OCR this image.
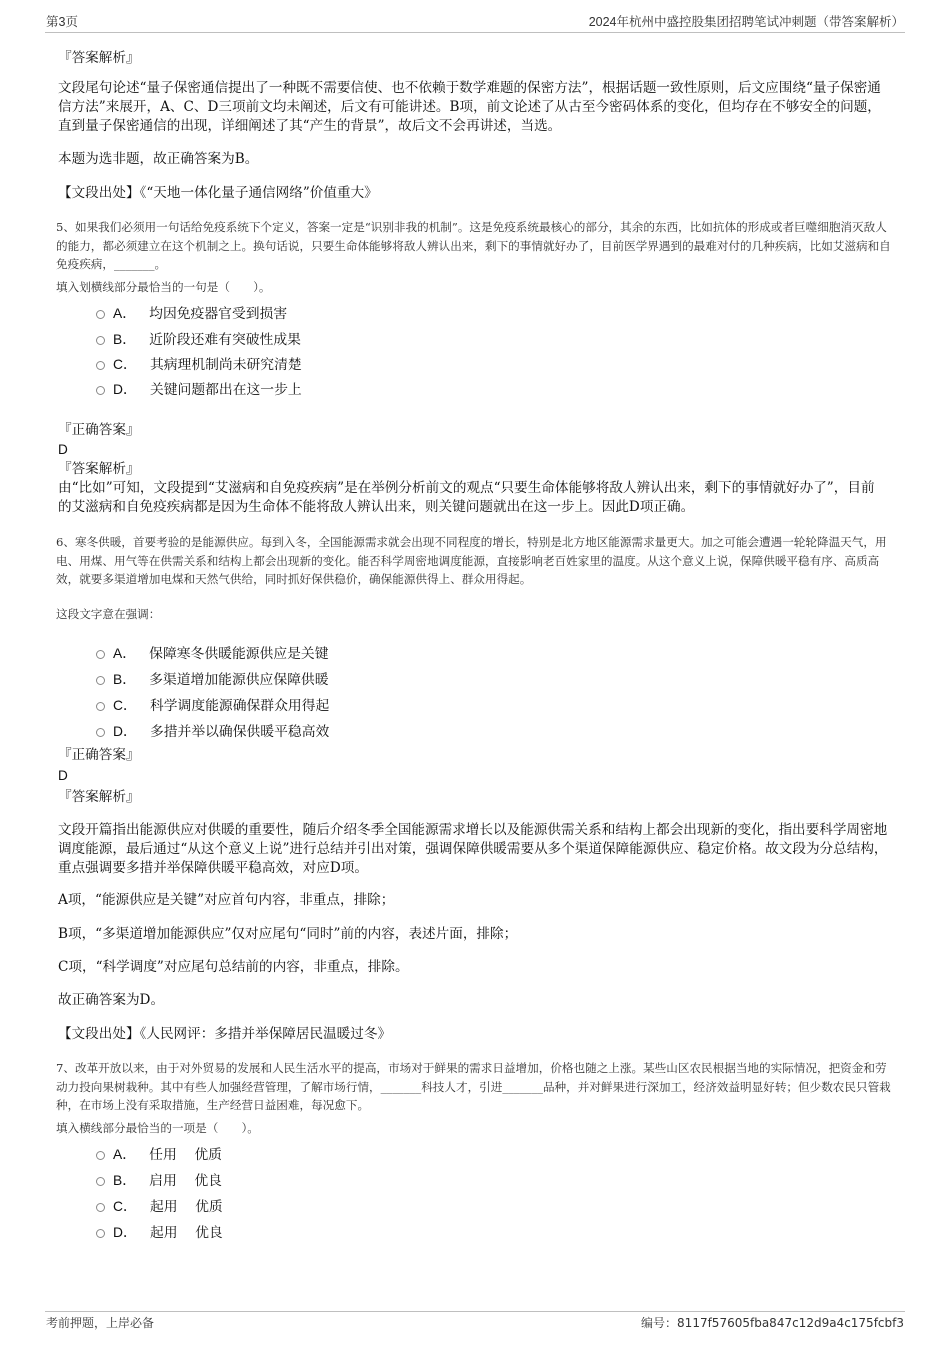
第3页	2024年杭州中盛控股集团招聘笔试冲刺题（带答案解析）
『答案解析』
文段尾句论述“量子保密通信提出了一种既不需要信使、也不依赖于数学难题的保密方法”，根据话题一致性原则，后文应围绕“量子保密通信方法”来展开，A、C、D三项前文均未阐述，后文有可能讲述。B项，前文论述了从古至今密码体系的变化，但均存在不够安全的问题，直到量子保密通信的出现，详细阐述了其“产生的背景”，故后文不会再讲述，当选。
本题为选非题，故正确答案为B。
【文段出处】《“天地一体化量子通信网络”价值重大》
5、如果我们必须用一句话给免疫系统下个定义，答案一定是“识别非我的机制”。这是免疫系统最核心的部分，其余的东西，比如抗体的形成或者巨噬细胞消灭敌人的能力，都必须建立在这个机制之上。换句话说，只要生命体能够将敌人辨认出来，剩下的事情就好办了，目前医学界遇到的最难对付的几种疾病，比如艾滋病和自免疫疾病，_______。
填入划横线部分最恰当的一句是（　　）。
A． 均因免疫器官受到损害
B． 近阶段还难有突破性成果
C． 其病理机制尚未研究清楚
D． 关键问题都出在这一步上
『正确答案』
D
『答案解析』
由“比如”可知，文段提到“艾滋病和自免疫疾病”是在举例分析前文的观点“只要生命体能够将敌人辨认出来，剩下的事情就好办了”，目前的艾滋病和自免疫疾病都是因为生命体不能将敌人辨认出来，则关键问题就出在这一步上。因此D项正确。
6、寒冬供暖，首要考验的是能源供应。每到入冬，全国能源需求就会出现不同程度的增长，特别是北方地区能源需求量更大。加之可能会遭遇一轮轮降温天气，用电、用煤、用气等在供需关系和结构上都会出现新的变化。能否科学周密地调度能源，直接影响老百姓家里的温度。从这个意义上说，保障供暖平稳有序、高质高效，就要多渠道增加电煤和天然气供给，同时抓好保供稳价，确保能源供得上、群众用得起。
这段文字意在强调：
A． 保障寒冬供暖能源供应是关键
B． 多渠道增加能源供应保障供暖
C． 科学调度能源确保群众用得起
D． 多措并举以确保供暖平稳高效
『正确答案』
D
『答案解析』
文段开篇指出能源供应对供暖的重要性，随后介绍冬季全国能源需求增长以及能源供需关系和结构上都会出现新的变化，指出要科学周密地调度能源，最后通过“从这个意义上说”进行总结并引出对策，强调保障供暖需要从多个渠道保障能源供应、稳定价格。故文段为分总结构，重点强调要多措并举保障供暖平稳高效，对应D项。
A项，“能源供应是关键”对应首句内容，非重点，排除；
B项，“多渠道增加能源供应”仅对应尾句“同时”前的内容，表述片面，排除；
C项，“科学调度”对应尾句总结前的内容，非重点，排除。
故正确答案为D。
【文段出处】《人民网评：多措并举保障居民温暖过冬》
7、改革开放以来，由于对外贸易的发展和人民生活水平的提高，市场对于鲜果的需求日益增加，价格也随之上涨。某些山区农民根据当地的实际情况，把资金和劳动力投向果树栽种。其中有些人加强经营管理，了解市场行情，_______科技人才，引进_______品种，并对鲜果进行深加工，经济效益明显好转；但少数农民只管栽种，在市场上没有采取措施，生产经营日益困难，每况愈下。
填入横线部分最恰当的一项是（　　）。
A． 任用 优质
B． 启用 优良
C． 起用 优质
D． 起用 优良
考前押题，上岸必备	编号：8117f57605fba847c12d9a4c175fcbf3
